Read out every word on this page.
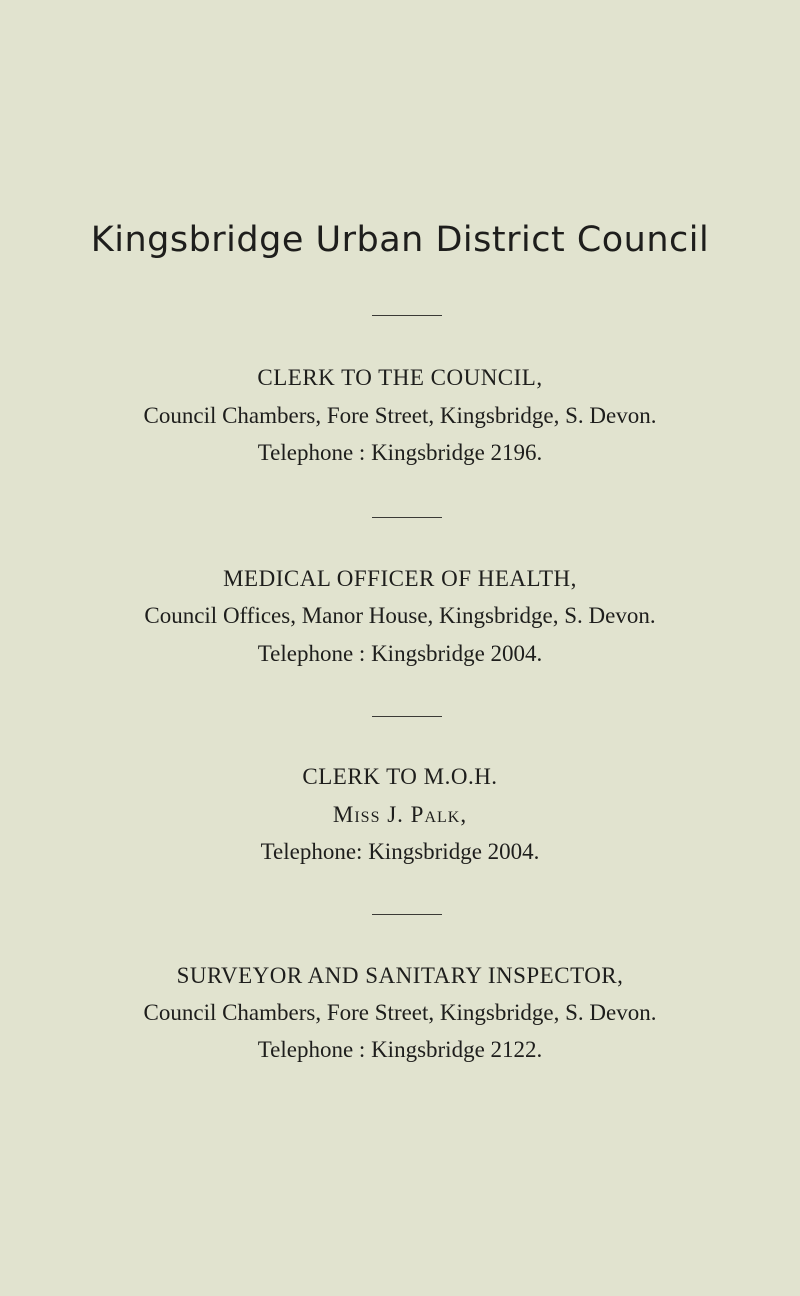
Kingsbridge Urban District Council
CLERK TO THE COUNCIL,
Council Chambers, Fore Street, Kingsbridge, S. Devon.
Telephone : Kingsbridge 2196.
MEDICAL OFFICER OF HEALTH,
Council Offices, Manor House, Kingsbridge, S. Devon.
Telephone : Kingsbridge 2004.
CLERK TO M.O.H.
Miss J. Palk,
Telephone: Kingsbridge 2004.
SURVEYOR AND SANITARY INSPECTOR,
Council Chambers, Fore Street, Kingsbridge, S. Devon.
Telephone : Kingsbridge 2122.
